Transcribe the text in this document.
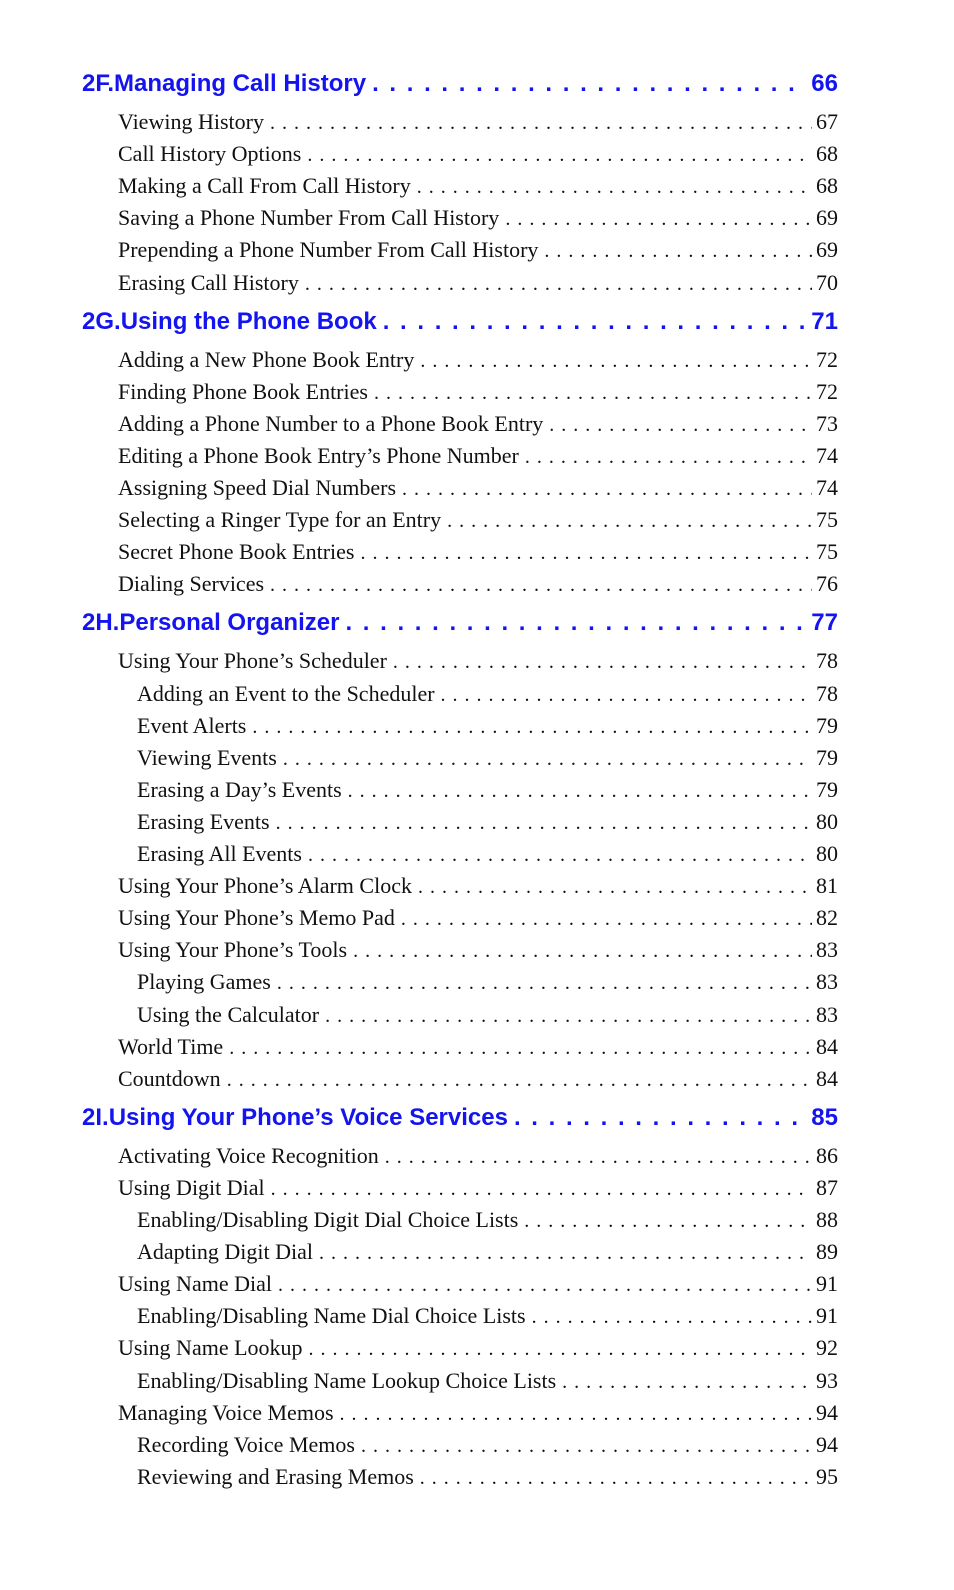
2F.Managing Call History . . .	66
Viewing History . . .	67
Call History Options . . .	68
Making a Call From Call History . . .	68
Saving a Phone Number From Call History . . .	69
Prepending a Phone Number From Call History . . .	69
Erasing Call History . . .	70
2G.Using the Phone Book . . .	71
Adding a New Phone Book Entry . . .	72
Finding Phone Book Entries . . .	72
Adding a Phone Number to a Phone Book Entry . . .	73
Editing a Phone Book Entry’s Phone Number . . .	74
Assigning Speed Dial Numbers . . .	74
Selecting a Ringer Type for an Entry . . .	75
Secret Phone Book Entries . . .	75
Dialing Services . . .	76
2H.Personal Organizer . . .	77
Using Your Phone’s Scheduler . . .	78
Adding an Event to the Scheduler . . .	78
Event Alerts . . .	79
Viewing Events . . .	79
Erasing a Day’s Events . . .	79
Erasing Events . . .	80
Erasing All Events . . .	80
Using Your Phone’s Alarm Clock . . .	81
Using Your Phone’s Memo Pad . . .	82
Using Your Phone’s Tools . . .	83
Playing Games . . .	83
Using the Calculator . . .	83
World Time . . .	84
Countdown . . .	84
2I.Using Your Phone’s Voice Services . . .	85
Activating Voice Recognition . . .	86
Using Digit Dial . . .	87
Enabling/Disabling Digit Dial Choice Lists . . .	88
Adapting Digit Dial . . .	89
Using Name Dial . . .	91
Enabling/Disabling Name Dial Choice Lists . . .	91
Using Name Lookup . . .	92
Enabling/Disabling Name Lookup Choice Lists . . .	93
Managing Voice Memos . . .	94
Recording Voice Memos . . .	94
Reviewing and Erasing Memos . . .	95
